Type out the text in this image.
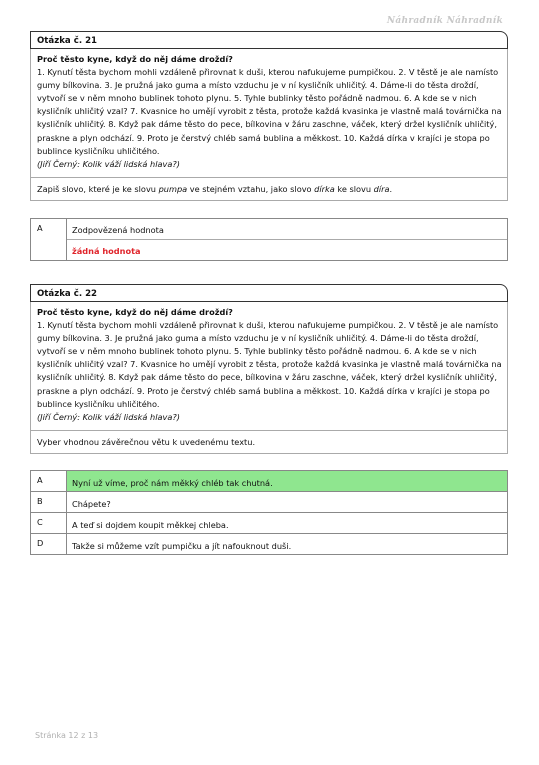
Náhradník Náhradník
Otázka č. 21

Proč těsto kyne, když do něj dáme droždí?

1. Kynutí těsta bychom mohli vzdáleně přirovnat k duši, kterou nafukujeme pumpičkou. 2. V těstě je ale namísto

gumy bílkovina. 3. Je pružná jako guma a místo vzduchu je v ní kysličník uhličitý. 4. Dáme-li do těsta droždí,

vytvoří se v něm mnoho bublinek tohoto plynu. 5. Tyhle bublinky těsto pořádně nadmou. 6. A kde se v nich

kysličník uhličitý vzal? 7. Kvasnice ho umějí vyrobit z těsta, protože každá kvasinka je vlastně malá továrnička na

kysličník uhličitý. 8. Když pak dáme těsto do pece, bílkovina v žáru zaschne, váček, který držel kysličník uhličitý,

praskne a plyn odchází. 9. Proto je čerstvý chléb samá bublina a měkkost. 10. Každá dírka v krajíci je stopa po

bublince kysličníku uhličitého.

(Jiří Černý: Kolik váží lidská hlava?)

Zapiš slovo, které je ke slovu pumpa ve stejném vztahu, jako slovo dírka ke slovu díra.
A	Zodpovězená hodnota

žádná hodnota
Otázka č. 22

Proč těsto kyne, když do něj dáme droždí?

1. Kynutí těsta bychom mohli vzdáleně přirovnat k duši, kterou nafukujeme pumpičkou. 2. V těstě je ale namísto

gumy bílkovina. 3. Je pružná jako guma a místo vzduchu je v ní kysličník uhličitý. 4. Dáme-li do těsta droždí,

vytvoří se v něm mnoho bublinek tohoto plynu. 5. Tyhle bublinky těsto pořádně nadmou. 6. A kde se v nich

kysličník uhličitý vzal? 7. Kvasnice ho umějí vyrobit z těsta, protože každá kvasinka je vlastně malá továrnička na

kysličník uhličitý. 8. Když pak dáme těsto do pece, bílkovina v žáru zaschne, váček, který držel kysličník uhličitý,

praskne a plyn odchází. 9. Proto je čerstvý chléb samá bublina a měkkost. 10. Každá dírka v krajíci je stopa po

bublince kysličníku uhličitého.

(Jiří Černý: Kolik váží lidská hlava?)

Vyber vhodnou závěrečnou větu k uvedenému textu.
A	Nyní už víme, proč nám měkký chléb tak chutná.
B	Chápete?
C	A teď si dojdem koupit měkkej chleba.
D	Takže si můžeme vzít pumpičku a jít nafouknout duši.
Stránka 12 z 13
